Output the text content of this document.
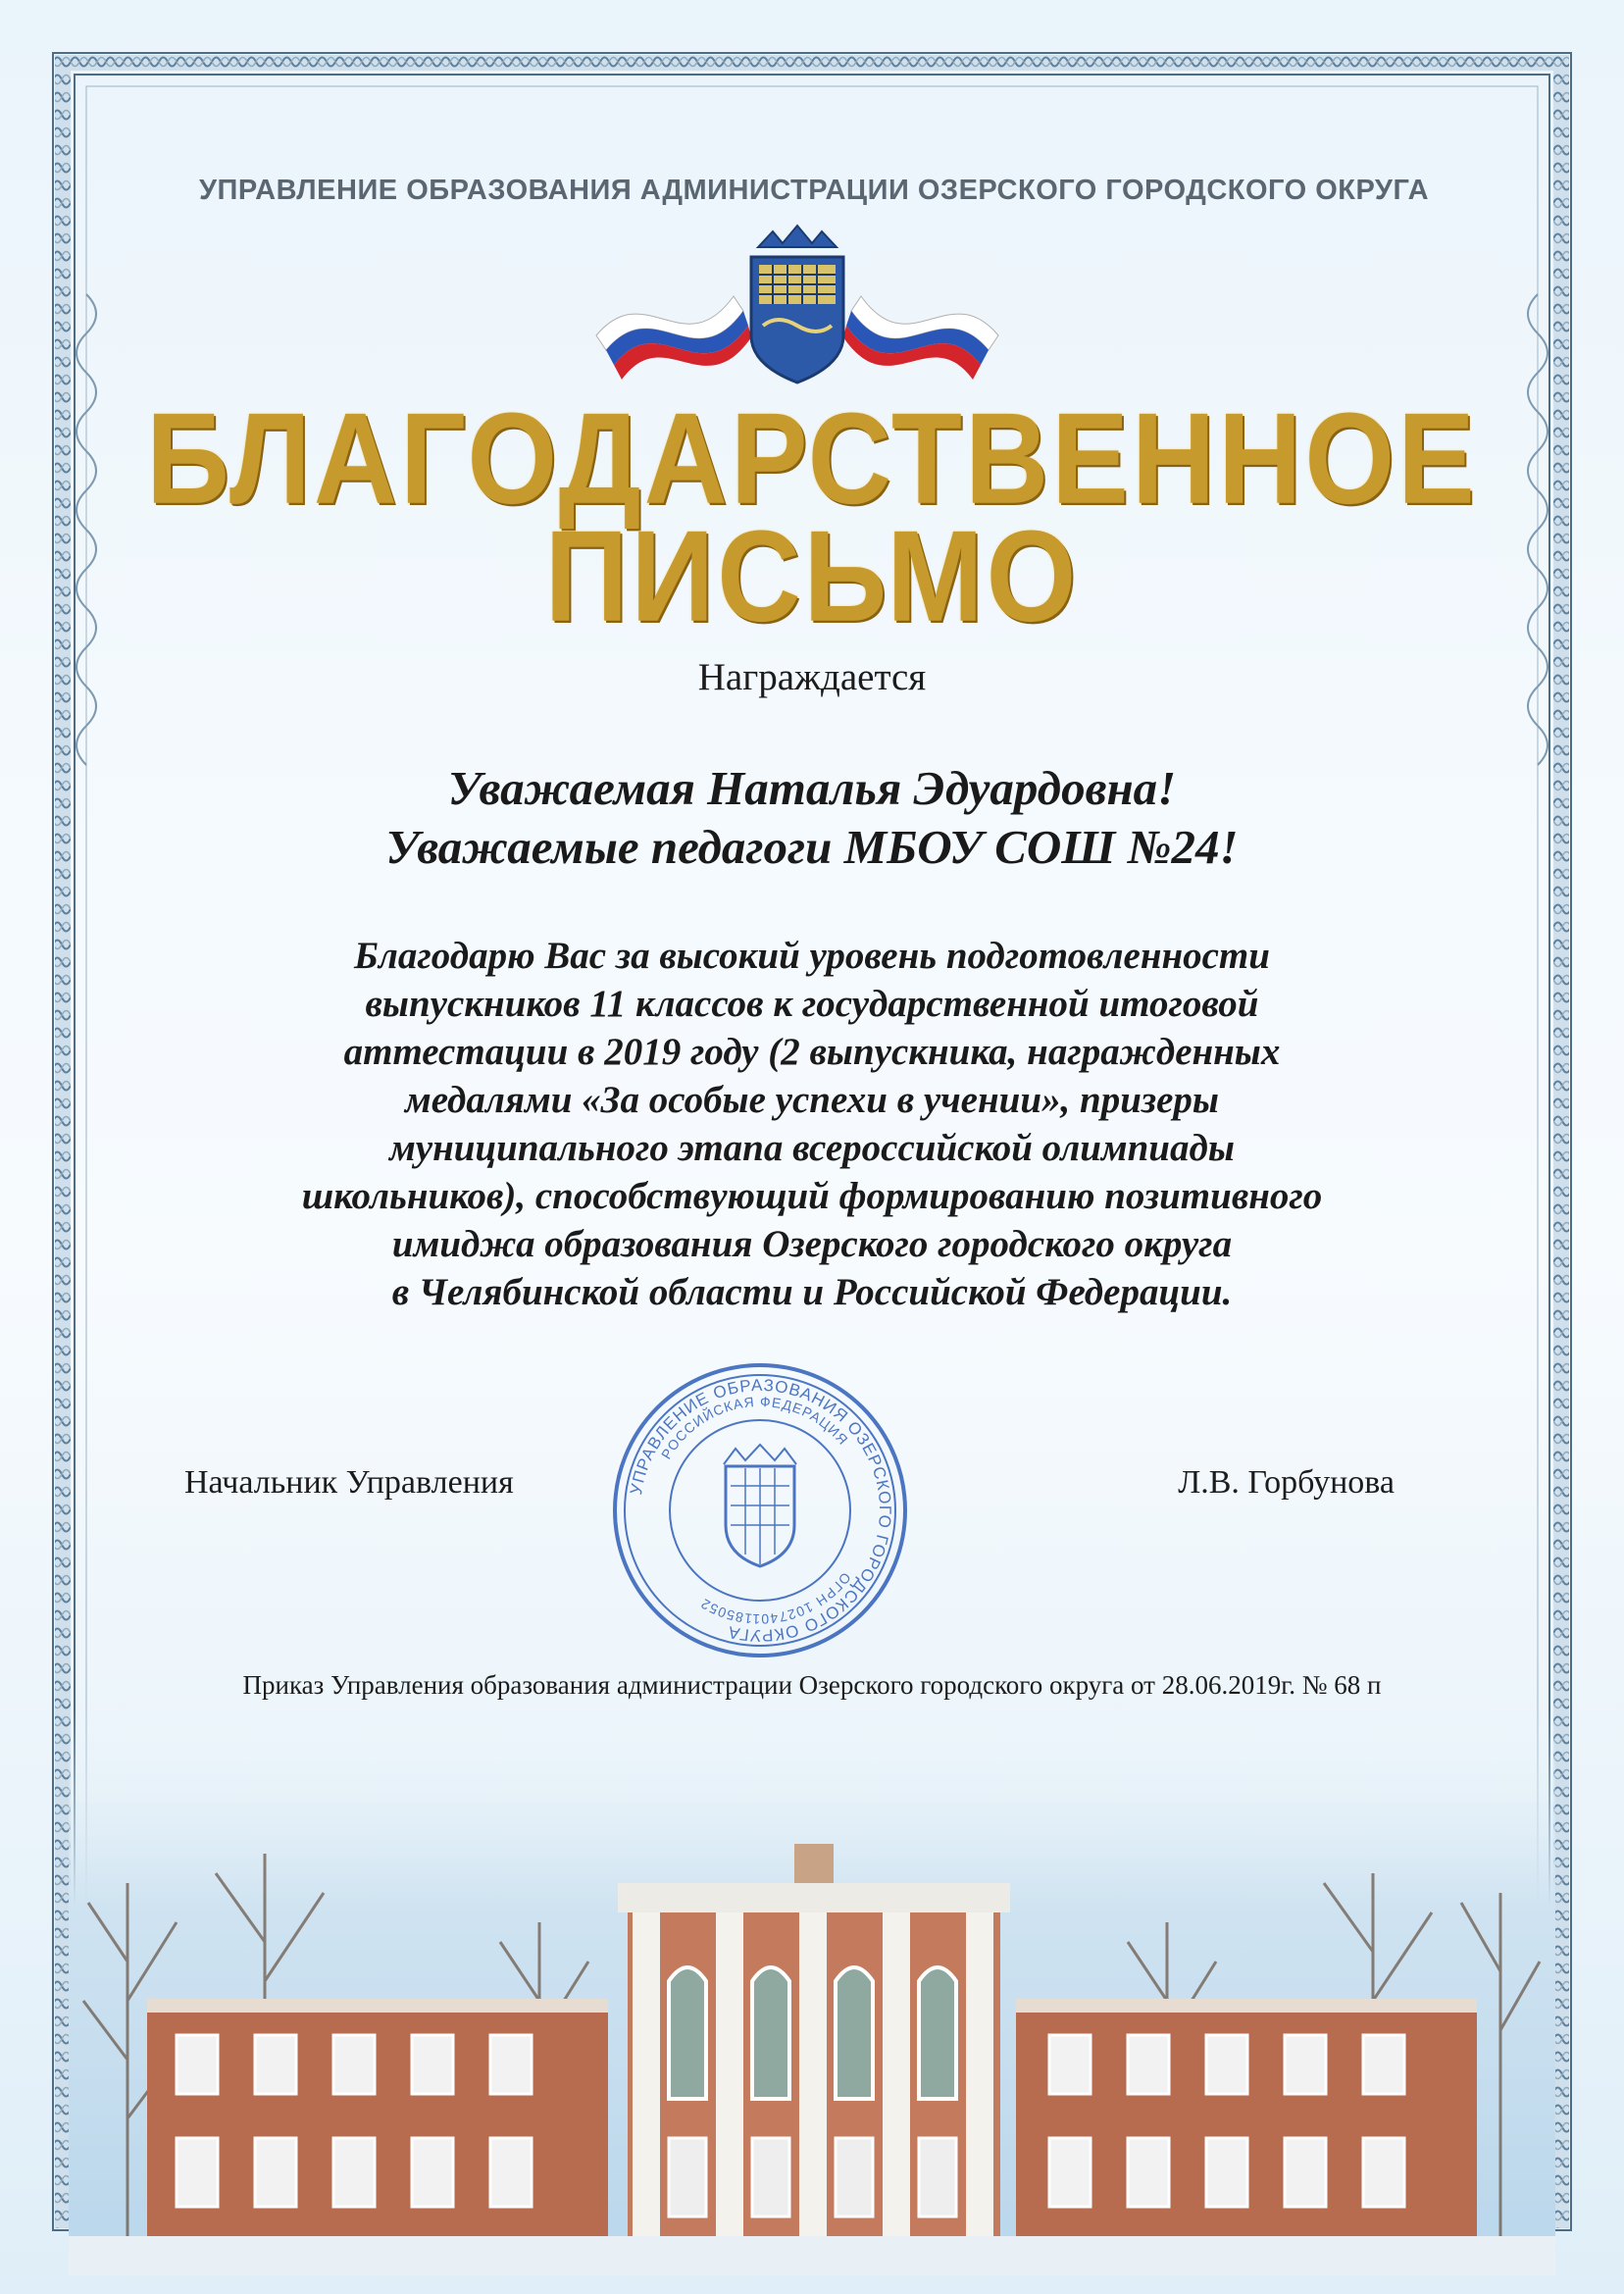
УПРАВЛЕНИЕ ОБРАЗОВАНИЯ АДМИНИСТРАЦИИ ОЗЕРСКОГО ГОРОДСКОГО ОКРУГА
БЛАГОДАРСТВЕННОЕ
ПИСЬМО
Награждается
Уважаемая Наталья Эдуардовна!
Уважаемые педагоги МБОУ СОШ №24!
Благодарю Вас за высокий уровень подготовленности
выпускников 11 классов к государственной итоговой
аттестации в 2019 году (2 выпускника, награжденных
медалями «За особые успехи в учении», призеры
муниципального этапа всероссийской олимпиады
школьников), способствующий формированию позитивного
имиджа образования Озерского городского округа
в Челябинской области и Российской Федерации.
УПРАВЛЕНИЕ ОБРАЗОВАНИЯ ОЗЕРСКОГО ГОРОДСКОГО ОКРУГА
РОССИЙСКАЯ ФЕДЕРАЦИЯ
ОГРН 1027401185052
Начальник Управления	Л.В. Горбунова
Приказ Управления образования администрации Озерского городского округа от 28.06.2019г. № 68 п
